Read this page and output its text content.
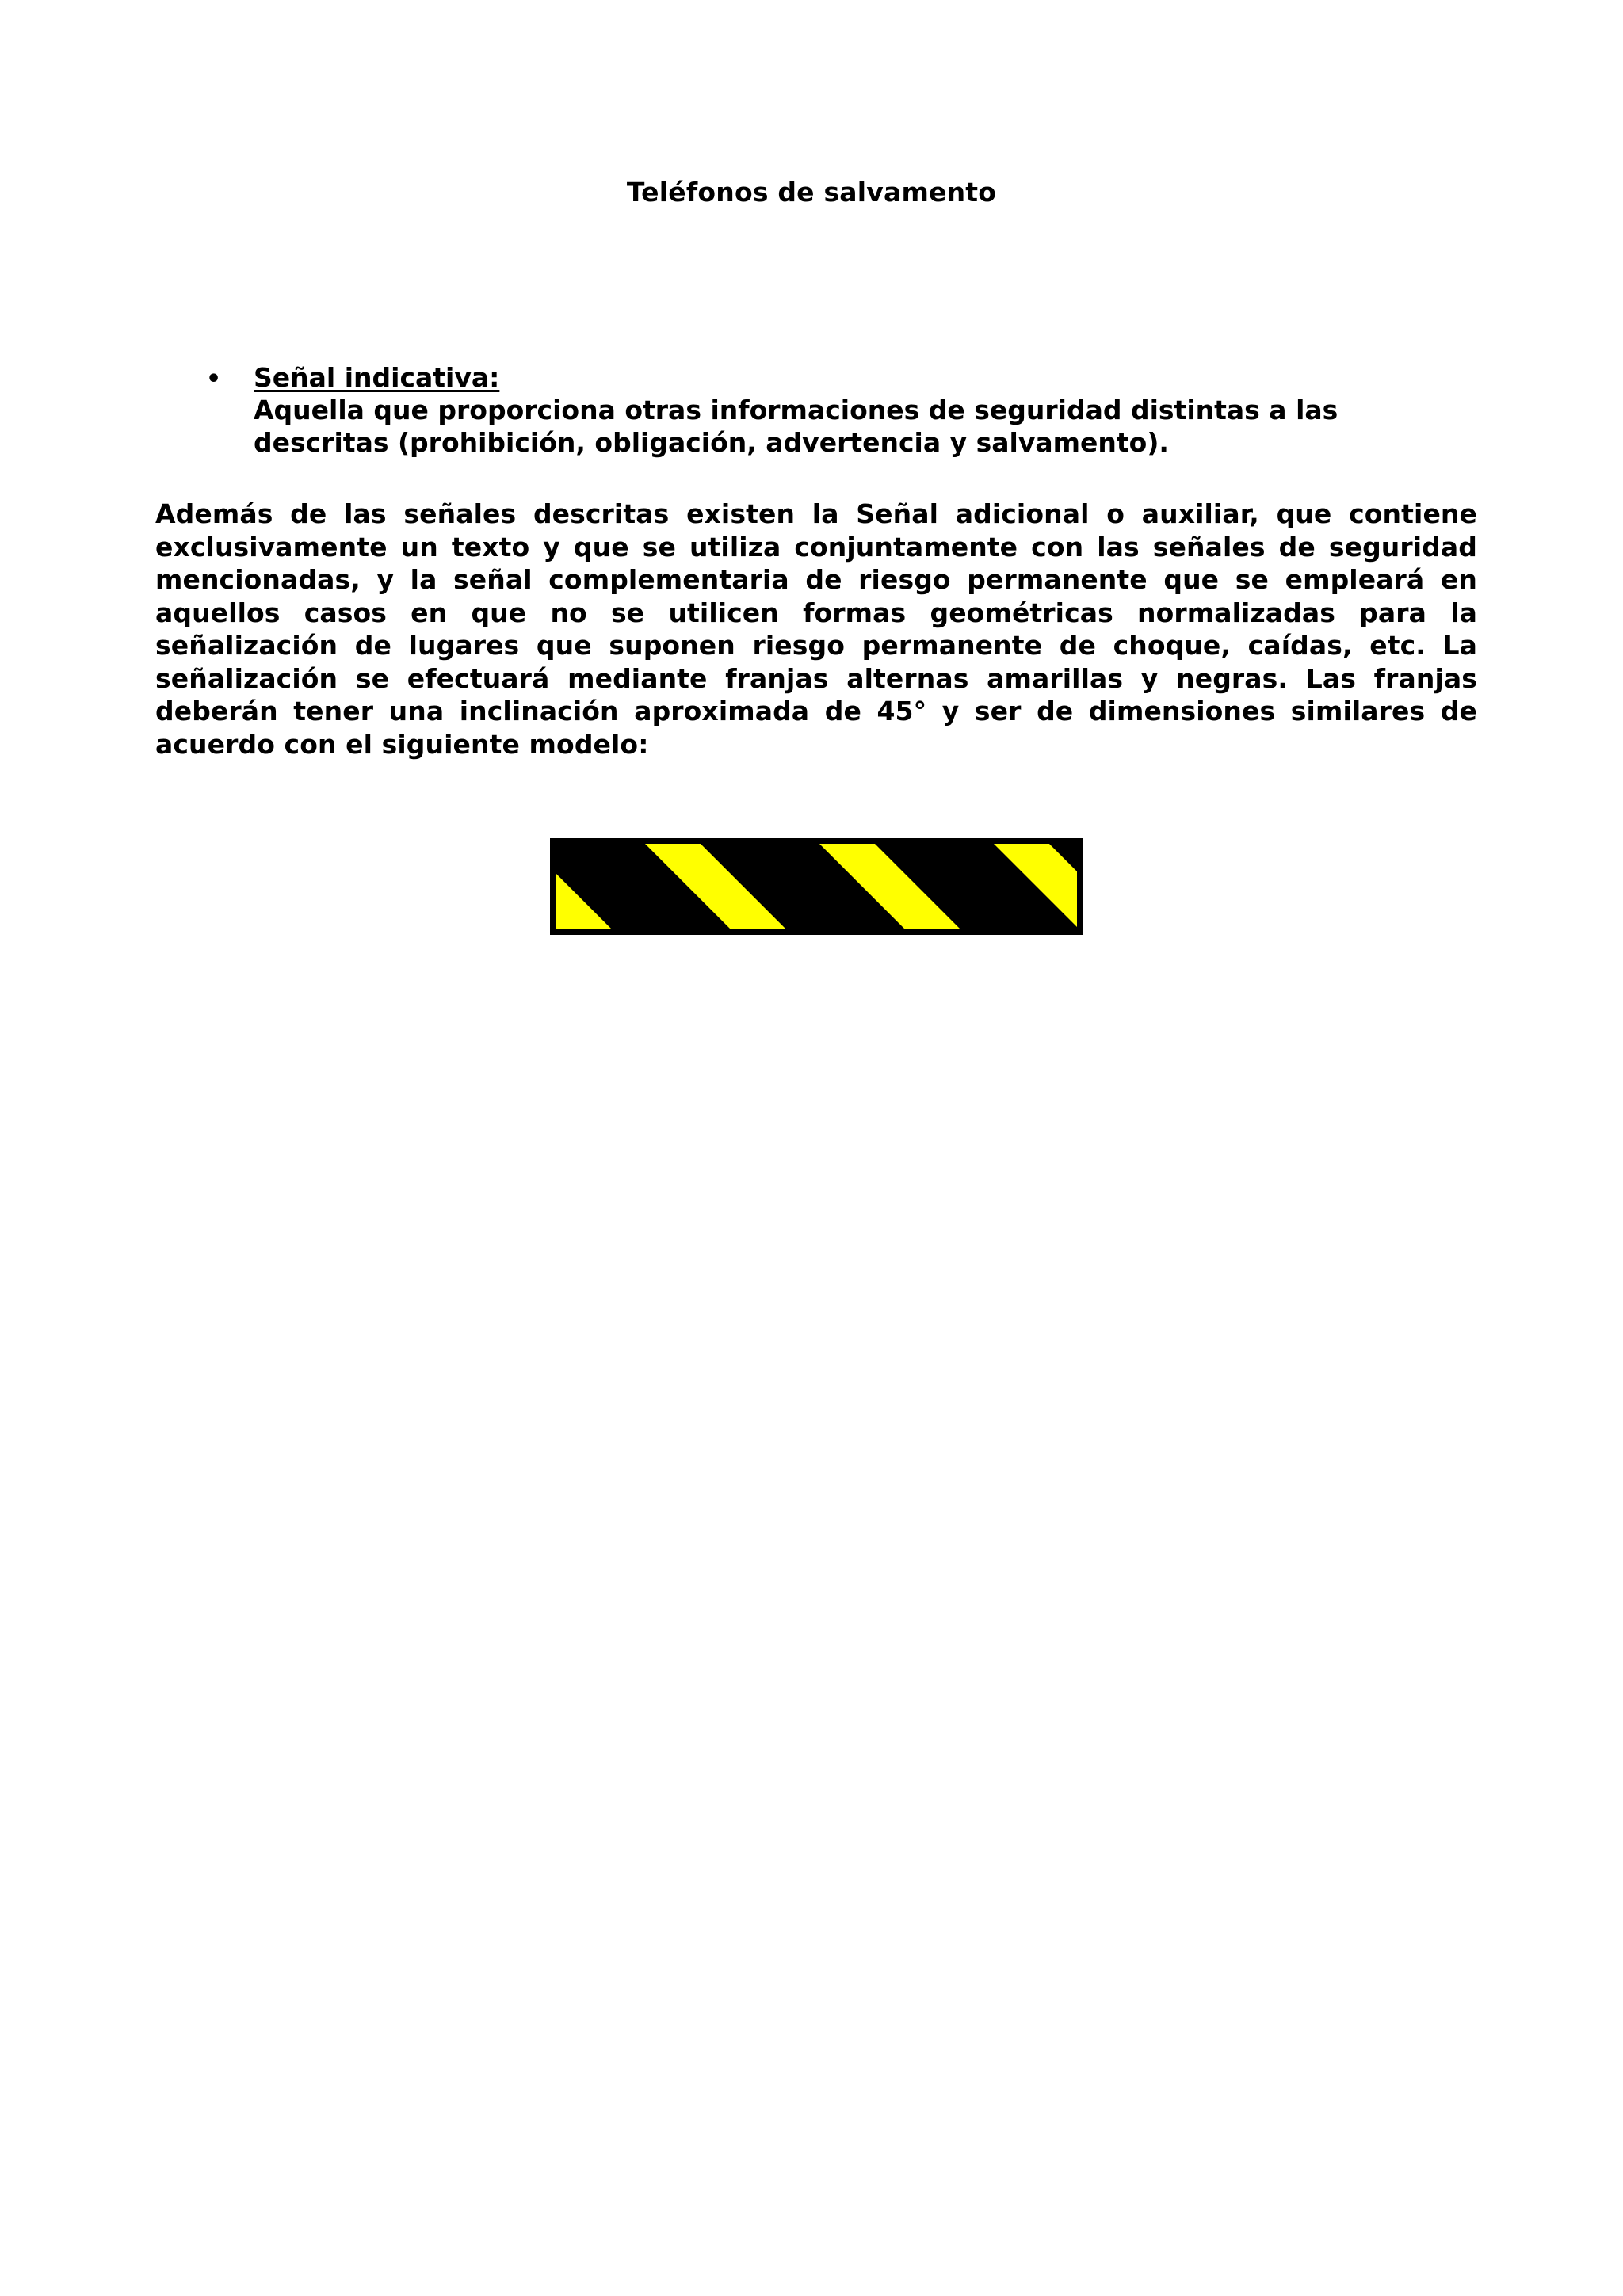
Teléfonos de salvamento
• Señal indicativa:
Aquella que proporciona otras informaciones de seguridad distintas a las descritas (prohibición, obligación, advertencia y salvamento).
Además de las señales descritas existen la Señal adicional o auxiliar, que contiene exclusivamente un texto y que se utiliza conjuntamente con las señales de seguridad mencionadas, y la señal complementaria de riesgo permanente que se empleará en aquellos casos en que no se utilicen formas geométricas normalizadas para la señalización de lugares que suponen riesgo permanente de choque, caídas, etc. La señalización se efectuará mediante franjas alternas amarillas y negras. Las franjas deberán tener una inclinación aproximada de 45° y ser de dimensiones similares de acuerdo con el siguiente modelo:
